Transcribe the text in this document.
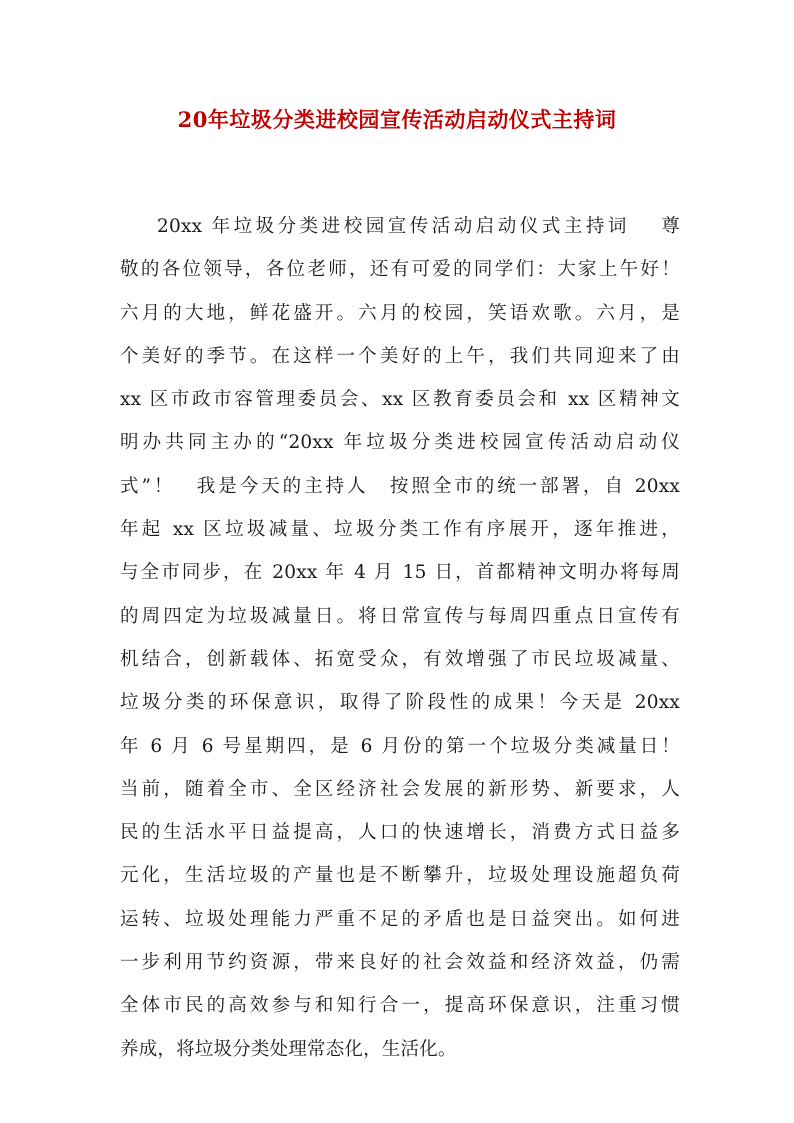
20年垃圾分类进校园宣传活动启动仪式主持词
20xx 年垃圾分类进校园宣传活动启动仪式主持词　 尊
敬的各位领导，各位老师，还有可爱的同学们：大家上午好！
六月的大地，鲜花盛开。六月的校园，笑语欢歌。六月，是
个美好的季节。在这样一个美好的上午，我们共同迎来了由
xx 区市政市容管理委员会、xx 区教育委员会和 xx 区精神文
明办共同主办的“20xx 年垃圾分类进校园宣传活动启动仪
式”！　我是今天的主持人　按照全市的统一部署，自 20xx
年起 xx 区垃圾减量、垃圾分类工作有序展开，逐年推进，
与全市同步，在 20xx 年 4 月 15 日，首都精神文明办将每周
的周四定为垃圾减量日。将日常宣传与每周四重点日宣传有
机结合，创新载体、拓宽受众，有效增强了市民垃圾减量、
垃圾分类的环保意识，取得了阶段性的成果！今天是 20xx
年 6 月 6 号星期四，是 6 月份的第一个垃圾分类减量日！
当前，随着全市、全区经济社会发展的新形势、新要求，人
民的生活水平日益提高，人口的快速增长，消费方式日益多
元化，生活垃圾的产量也是不断攀升，垃圾处理设施超负荷
运转、垃圾处理能力严重不足的矛盾也是日益突出。如何进
一步利用节约资源，带来良好的社会效益和经济效益，仍需
全体市民的高效参与和知行合一，提高环保意识，注重习惯
养成，将垃圾分类处理常态化，生活化。
